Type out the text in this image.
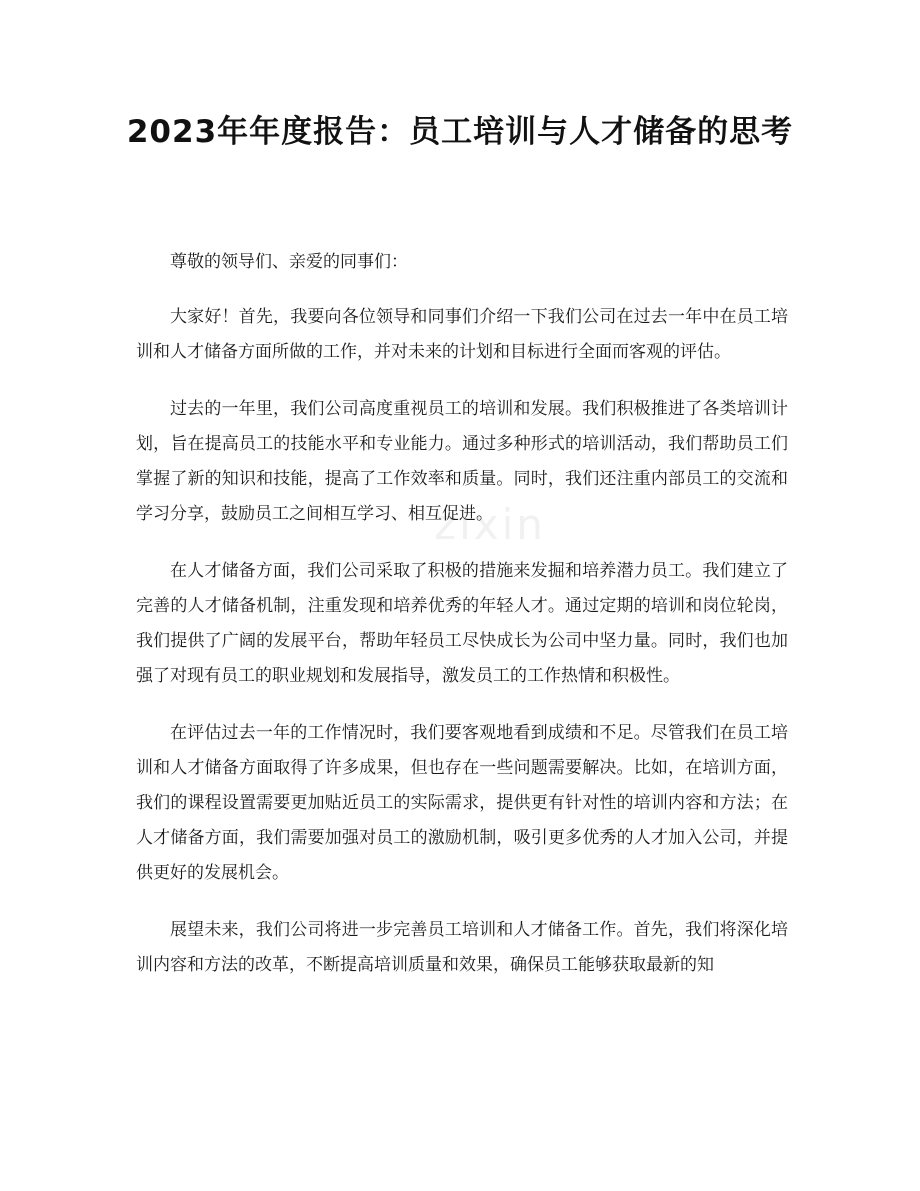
2023年年度报告：员工培训与人才储备的思考
zixin

尊敬的领导们、亲爱的同事们：

大家好！首先，我要向各位领导和同事们介绍一下我们公司在过去一年中在员工培训和人才储备方面所做的工作，并对未来的计划和目标进行全面而客观的评估。

过去的一年里，我们公司高度重视员工的培训和发展。我们积极推进了各类培训计划，旨在提高员工的技能水平和专业能力。通过多种形式的培训活动，我们帮助员工们掌握了新的知识和技能，提高了工作效率和质量。同时，我们还注重内部员工的交流和学习分享，鼓励员工之间相互学习、相互促进。

在人才储备方面，我们公司采取了积极的措施来发掘和培养潜力员工。我们建立了完善的人才储备机制，注重发现和培养优秀的年轻人才。通过定期的培训和岗位轮岗，我们提供了广阔的发展平台，帮助年轻员工尽快成长为公司中坚力量。同时，我们也加强了对现有员工的职业规划和发展指导，激发员工的工作热情和积极性。

在评估过去一年的工作情况时，我们要客观地看到成绩和不足。尽管我们在员工培训和人才储备方面取得了许多成果，但也存在一些问题需要解决。比如，在培训方面，我们的课程设置需要更加贴近员工的实际需求，提供更有针对性的培训内容和方法；在人才储备方面，我们需要加强对员工的激励机制，吸引更多优秀的人才加入公司，并提供更好的发展机会。

展望未来，我们公司将进一步完善员工培训和人才储备工作。首先，我们将深化培训内容和方法的改革，不断提高培训质量和效果，确保员工能够获取最新的知
